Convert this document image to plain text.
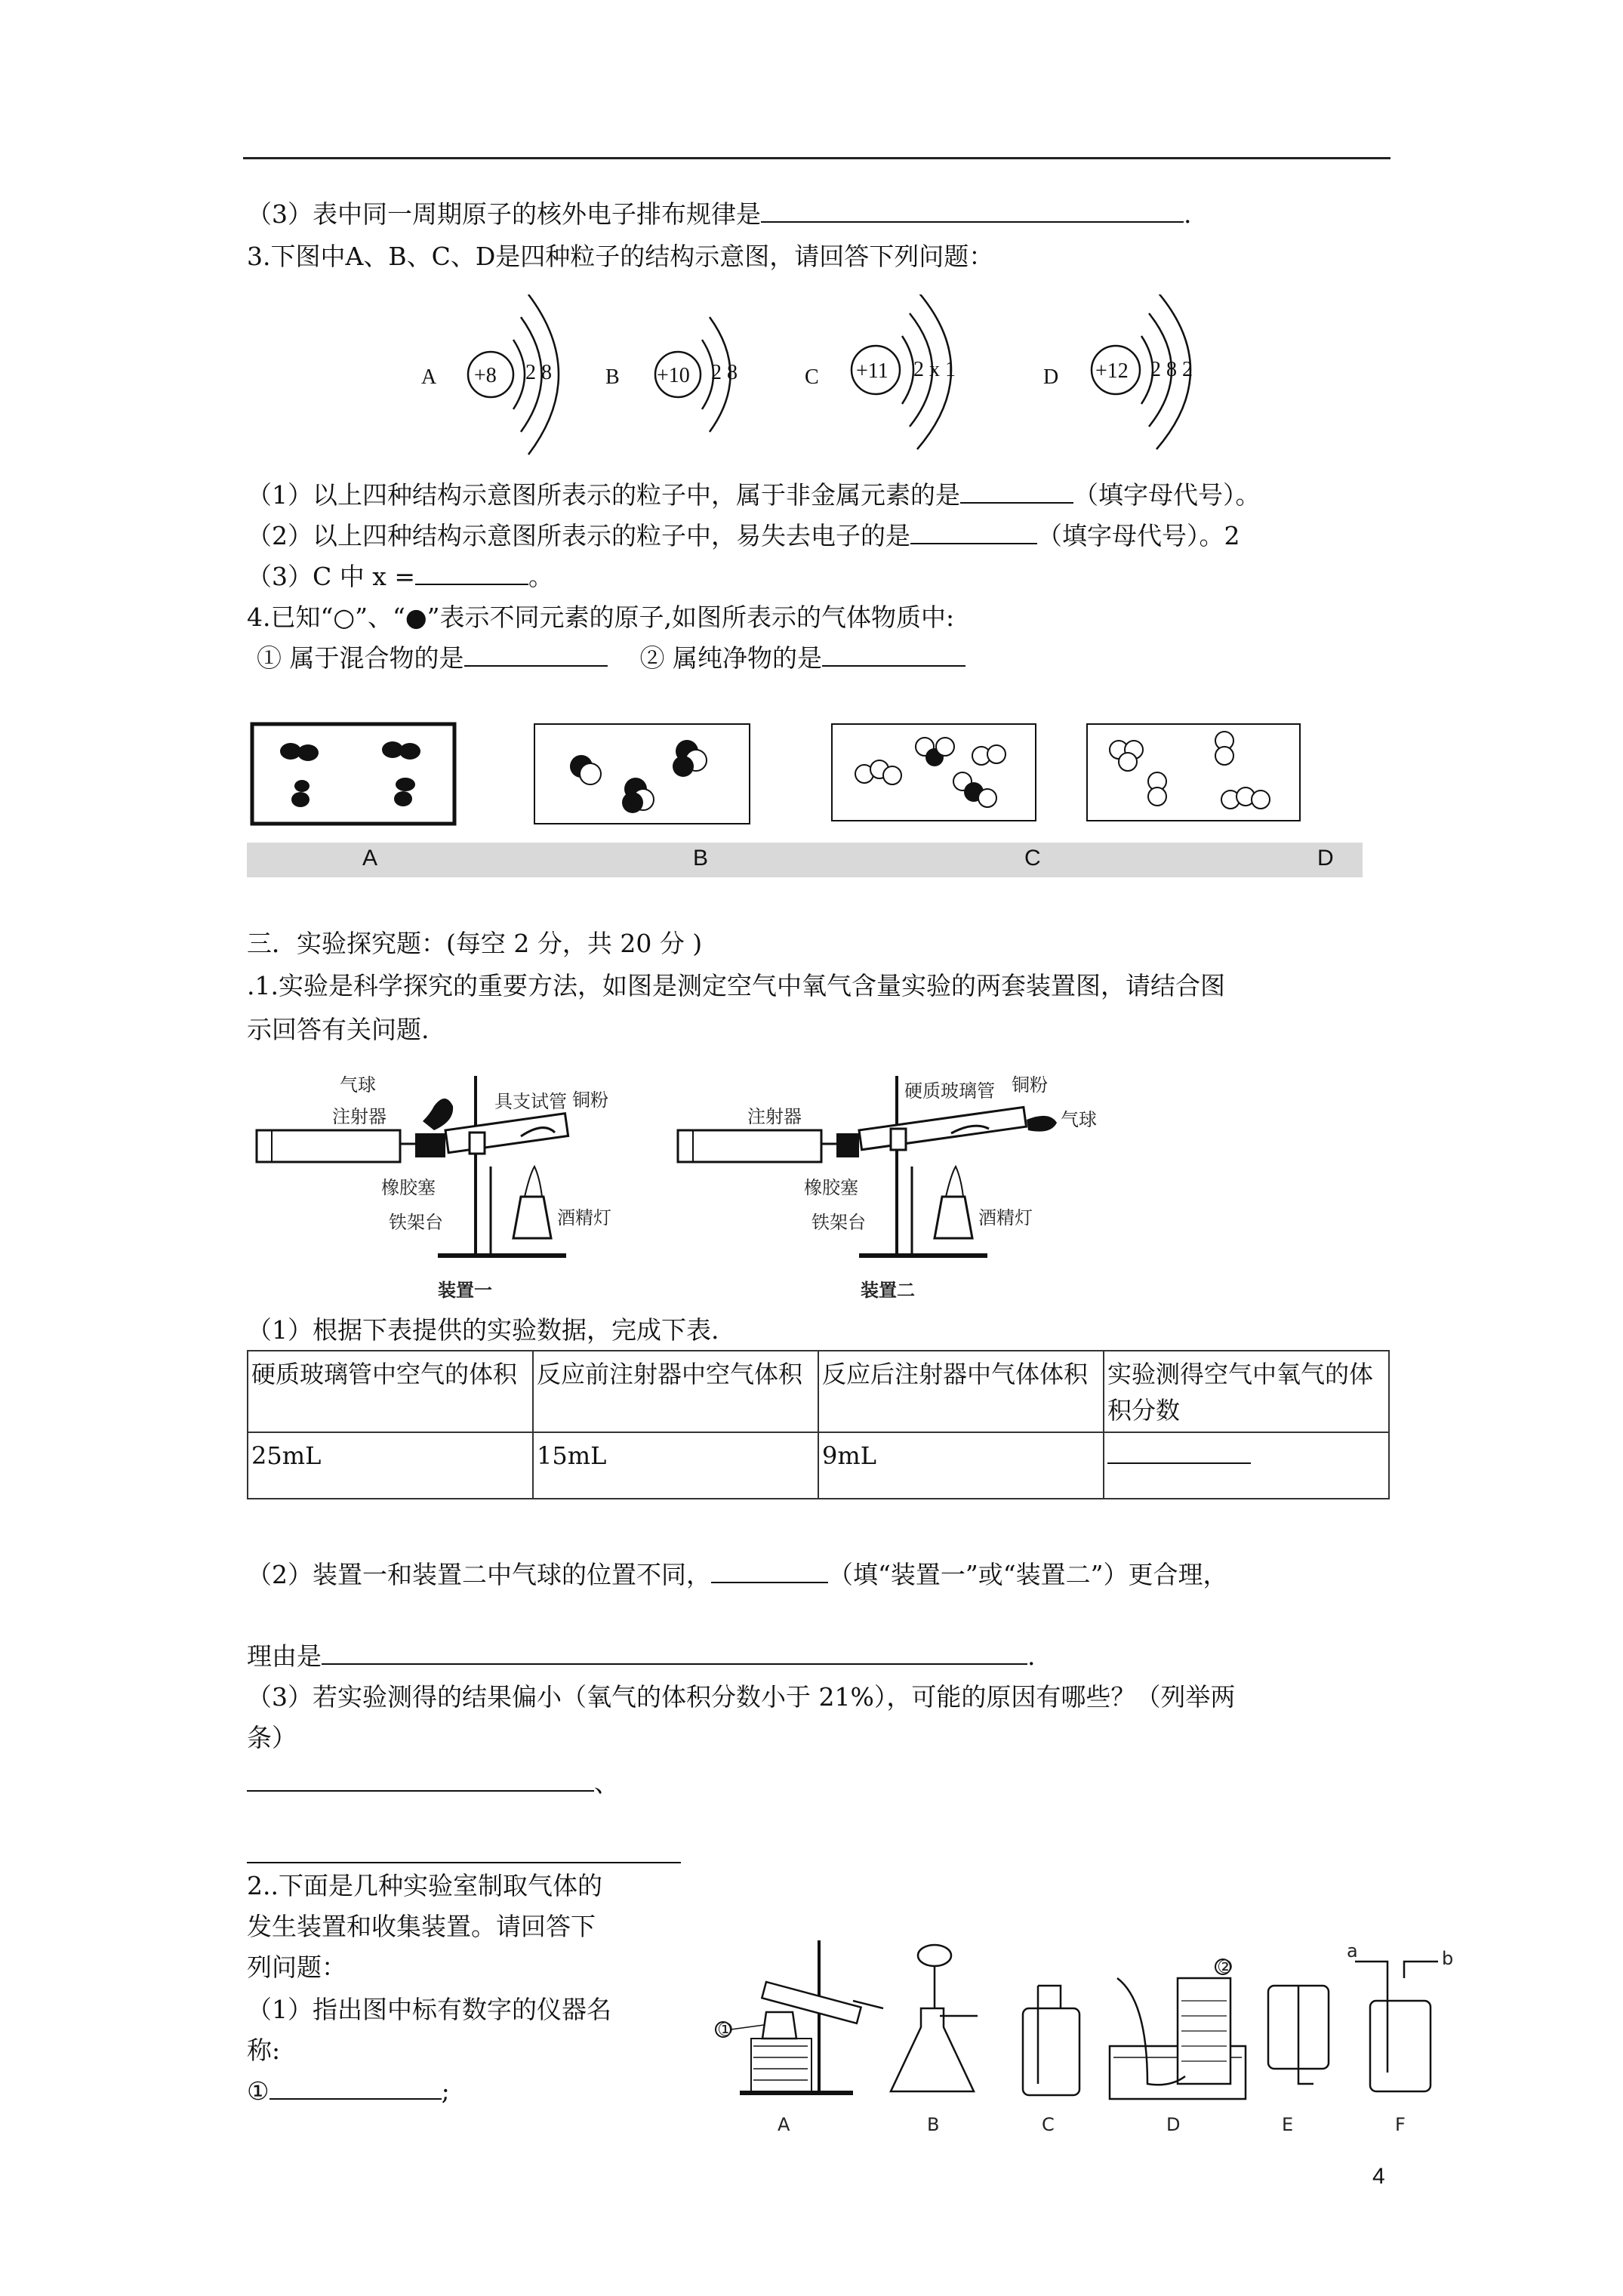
（3）表中同一周期原子的核外电子排布规律是	.
3.下图中A、B、C、D是四种粒子的结构示意图，请回答下列问题：
A +8 2 8	B +10 2 8	C +11 2 x 1	D +12 2 8 2
（1）以上四种结构示意图所表示的粒子中，属于非金属元素的是	（填字母代号）。
（2）以上四种结构示意图所表示的粒子中，易失去电子的是	（填字母代号）。2
（3）C 中 x =	。
4.已知“○”、“●”表示不同元素的原子,如图所表示的气体物质中:
① 属于混合物的是	② 属纯净物的是
A	B	C	D
三．实验探究题：(每空 2 分，共 20 分 )
.1.实验是科学探究的重要方法，如图是测定空气中氧气含量实验的两套装置图，请结合图
示回答有关问题.
气球
注射器
具支试管 铜粉
橡胶塞
铁架台	酒精灯
注射器
硬质玻璃管 铜粉
气球
橡胶塞
铁架台	酒精灯
装置一	装置二
（1）根据下表提供的实验数据，完成下表.
硬质玻璃管中空气的体积	反应前注射器中空气体积	反应后注射器中气体体积	实验测得空气中氧气的体积分数
25mL	15mL	9mL	
（2）装置一和装置二中气球的位置不同，	（填“装置一”或“装置二”）更合理，
理由是	.
（3）若实验测得的结果偏小（氧气的体积分数小于 21%），可能的原因有哪些？（列举两
条）
、
2..下面是几种实验室制取气体的
发生装置和收集装置。请回答下
列问题：
（1）指出图中标有数字的仪器名
称:
①	;
①
A	B	C
②
D	E
a	b
F
4
